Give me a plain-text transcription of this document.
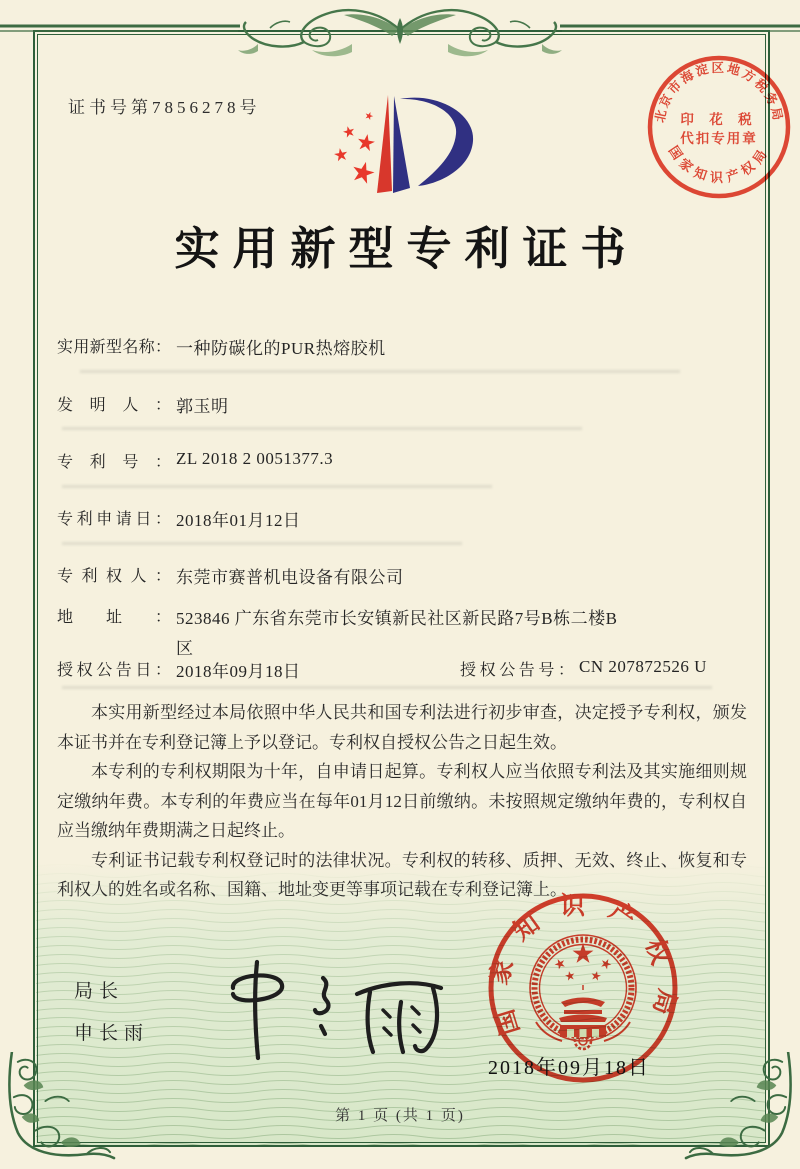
证书号第7856278号	北京市海淀区地方税务局
印 花 税
代扣专用章
国家知识产权局
实用新型专利证书
实用新型名称： 一种防碳化的PUR热熔胶机
发明人： 郭玉明
专利号： ZL 2018 2 0051377.3
专利申请日： 2018年01月12日
专利权人： 东莞市赛普机电设备有限公司
地址： 523846 广东省东莞市长安镇新民社区新民路7号B栋二楼B区
授权公告日： 2018年09月18日	授权公告号： CN 207872526 U

本实用新型经过本局依照中华人民共和国专利法进行初步审查，决定授予专利权，颁发本证书并在专利登记簿上予以登记。专利权自授权公告之日起生效。

本专利的专利权期限为十年，自申请日起算。专利权人应当依照专利法及其实施细则规定缴纳年费。本专利的年费应当在每年01月12日前缴纳。未按照规定缴纳年费的，专利权自应当缴纳年费期满之日起终止。

专利证书记载专利权登记时的法律状况。专利权的转移、质押、无效、终止、恢复和专利权人的姓名或名称、国籍、地址变更等事项记载在专利登记簿上。

局长
申长雨	国家知识产权局
2018年09月18日
第 1 页 (共 1 页)
